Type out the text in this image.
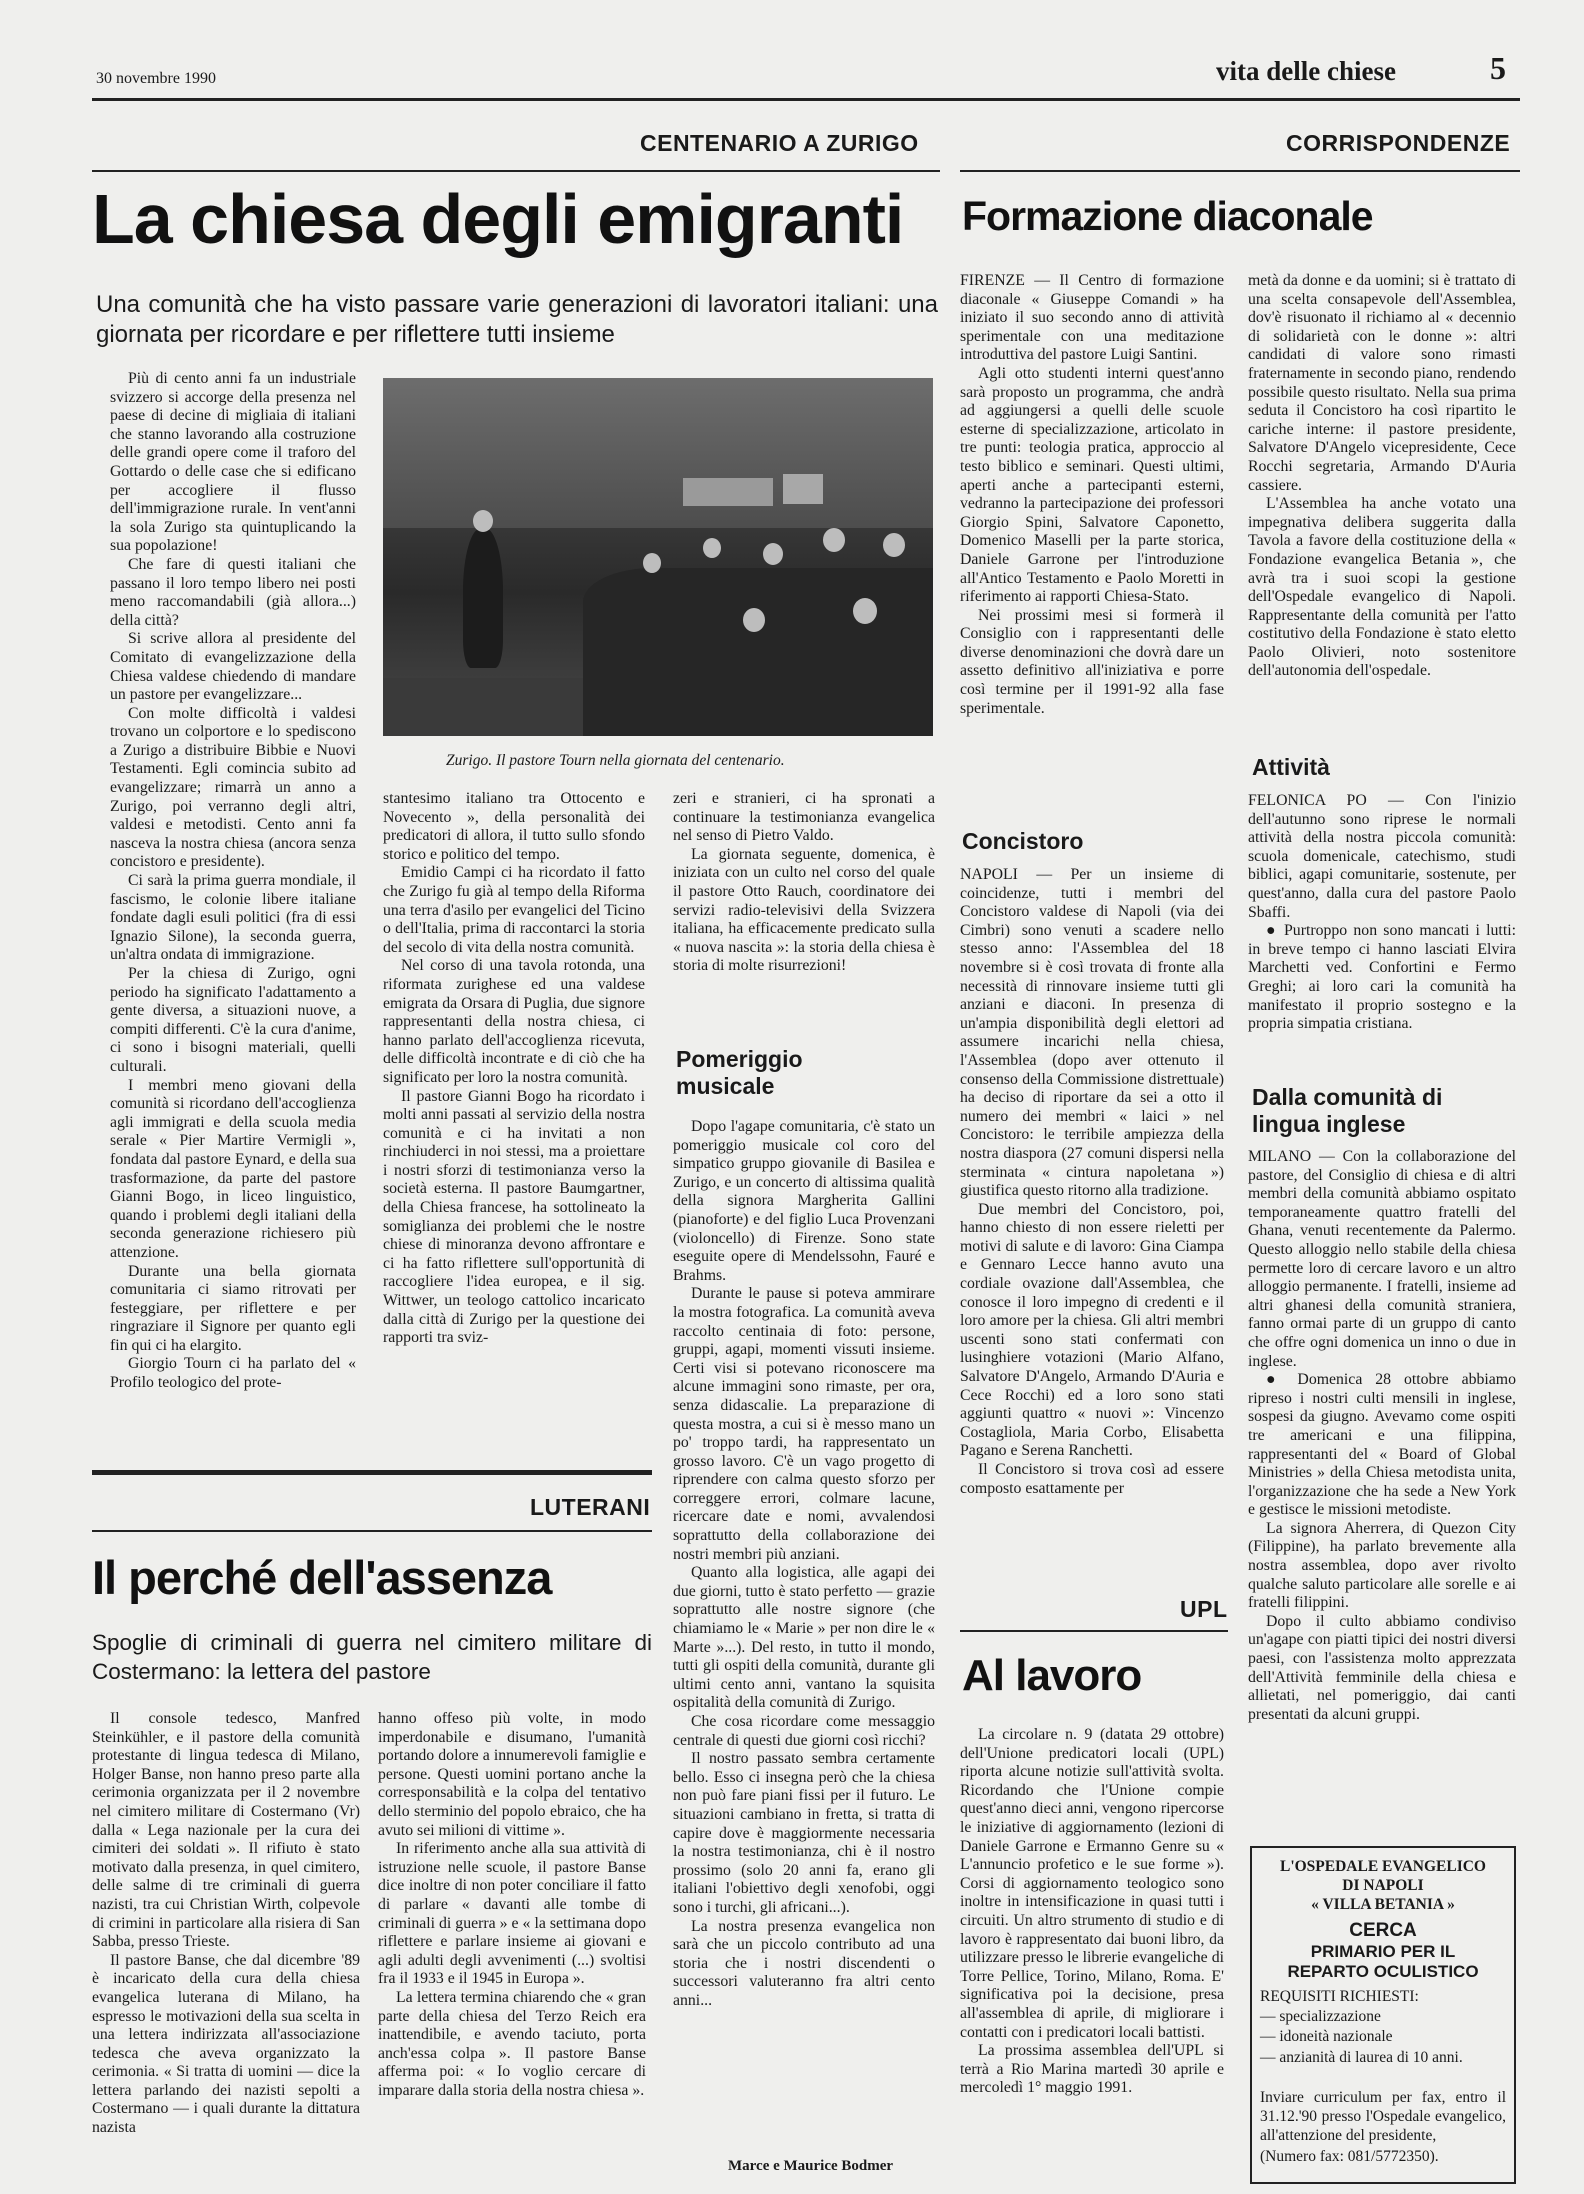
30 novembre 1990	vita delle chiese	5
CENTENARIO A ZURIGO
La chiesa degli emigranti
Una comunità che ha visto passare varie generazioni di lavoratori italiani: una giornata per ricordare e per riflettere tutti insieme

Più di cento anni fa un industriale svizzero si accorge della presenza nel paese di decine di migliaia di italiani che stanno lavorando alla costruzione delle grandi opere come il traforo del Gottardo o delle case che si edificano per accogliere il flusso dell'immigrazione rurale. In vent'anni la sola Zurigo sta quintuplicando la sua popolazione!

Che fare di questi italiani che passano il loro tempo libero nei posti meno raccomandabili (già allora...) della città?

Si scrive allora al presidente del Comitato di evangelizzazione della Chiesa valdese chiedendo di mandare un pastore per evangelizzare...

Con molte difficoltà i valdesi trovano un colportore e lo spediscono a Zurigo a distribuire Bibbie e Nuovi Testamenti. Egli comincia subito ad evangelizzare; rimarrà un anno a Zurigo, poi verranno degli altri, valdesi e metodisti. Cento anni fa nasceva la nostra chiesa (ancora senza concistoro e presidente).

Ci sarà la prima guerra mondiale, il fascismo, le colonie libere italiane fondate dagli esuli politici (fra di essi Ignazio Silone), la seconda guerra, un'altra ondata di immigrazione.

Per la chiesa di Zurigo, ogni periodo ha significato l'adattamento a gente diversa, a situazioni nuove, a compiti differenti. C'è la cura d'anime, ci sono i bisogni materiali, quelli culturali.

I membri meno giovani della comunità si ricordano dell'accoglienza agli immigrati e della scuola media serale « Pier Martire Vermigli », fondata dal pastore Eynard, e della sua trasformazione, da parte del pastore Gianni Bogo, in liceo linguistico, quando i problemi degli italiani della seconda generazione richiesero più attenzione.

Durante una bella giornata comunitaria ci siamo ritrovati per festeggiare, per riflettere e per ringraziare il Signore per quanto egli fin qui ci ha elargito.

Giorgio Tourn ci ha parlato del « Profilo teologico del prote-

Zurigo. Il pastore Tourn nella giornata del centenario.

stantesimo italiano tra Ottocento e Novecento », della personalità dei predicatori di allora, il tutto sullo sfondo storico e politico del tempo.

Emidio Campi ci ha ricordato il fatto che Zurigo fu già al tempo della Riforma una terra d'asilo per evangelici del Ticino o dell'Italia, prima di raccontarci la storia del secolo di vita della nostra comunità.

Nel corso di una tavola rotonda, una riformata zurighese ed una valdese emigrata da Orsara di Puglia, due signore rappresentanti della nostra chiesa, ci hanno parlato dell'accoglienza ricevuta, delle difficoltà incontrate e di ciò che ha significato per loro la nostra comunità.

Il pastore Gianni Bogo ha ricordato i molti anni passati al servizio della nostra comunità e ci ha invitati a non rinchiuderci in noi stessi, ma a proiettare i nostri sforzi di testimonianza verso la società esterna. Il pastore Baumgartner, della Chiesa francese, ha sottolineato la somiglianza dei problemi che le nostre chiese di minoranza devono affrontare e ci ha fatto riflettere sull'opportunità di raccogliere l'idea europea, e il sig. Wittwer, un teologo cattolico incaricato dalla città di Zurigo per la questione dei rapporti tra sviz-

zeri e stranieri, ci ha spronati a continuare la testimonianza evangelica nel senso di Pietro Valdo.

La giornata seguente, domenica, è iniziata con un culto nel corso del quale il pastore Otto Rauch, coordinatore dei servizi radio-televisivi della Svizzera italiana, ha efficacemente predicato sulla « nuova nascita »: la storia della chiesa è storia di molte risurrezioni!

Pomeriggio musicale

Dopo l'agape comunitaria, c'è stato un pomeriggio musicale col coro del simpatico gruppo giovanile di Basilea e Zurigo, e un concerto di altissima qualità della signora Margherita Gallini (pianoforte) e del figlio Luca Provenzani (violoncello) di Firenze. Sono state eseguite opere di Mendelssohn, Fauré e Brahms.

Durante le pause si poteva ammirare la mostra fotografica. La comunità aveva raccolto centinaia di foto: persone, gruppi, agapi, momenti vissuti insieme. Certi visi si potevano riconoscere ma alcune immagini sono rimaste, per ora, senza didascalie. La preparazione di questa mostra, a cui si è messo mano un po' troppo tardi, ha rappresentato un grosso lavoro. C'è un vago progetto di riprendere con calma questo sforzo per correggere errori, colmare lacune, ricercare date e nomi, avvalendosi soprattutto della collaborazione dei nostri membri più anziani.

Quanto alla logistica, alle agapi dei due giorni, tutto è stato perfetto — grazie soprattutto alle nostre signore (che chiamiamo le « Marie » per non dire le « Marte »...). Del resto, in tutto il mondo, tutti gli ospiti della comunità, durante gli ultimi cento anni, vantano la squisita ospitalità della comunità di Zurigo.

Che cosa ricordare come messaggio centrale di questi due giorni così ricchi?

Il nostro passato sembra certamente bello. Esso ci insegna però che la chiesa non può fare piani fissi per il futuro. Le situazioni cambiano in fretta, si tratta di capire dove è maggiormente necessaria la nostra testimonianza, chi è il nostro prossimo (solo 20 anni fa, erano gli italiani l'obiettivo degli xenofobi, oggi sono i turchi, gli africani...).

La nostra presenza evangelica non sarà che un piccolo contributo ad una storia che i nostri discendenti o successori valuteranno fra altri cento anni...

Marce e Maurice Bodmer
LUTERANI
Il perché dell'assenza
Spoglie di criminali di guerra nel cimitero militare di Costermano: la lettera del pastore

Il console tedesco, Manfred Steinkühler, e il pastore della comunità protestante di lingua tedesca di Milano, Holger Banse, non hanno preso parte alla cerimonia organizzata per il 2 novembre nel cimitero militare di Costermano (Vr) dalla « Lega nazionale per la cura dei cimiteri dei soldati ». Il rifiuto è stato motivato dalla presenza, in quel cimitero, delle salme di tre criminali di guerra nazisti, tra cui Christian Wirth, colpevole di crimini in particolare alla risiera di San Sabba, presso Trieste.

Il pastore Banse, che dal dicembre '89 è incaricato della cura della chiesa evangelica luterana di Milano, ha espresso le motivazioni della sua scelta in una lettera indirizzata all'associazione tedesca che aveva organizzato la cerimonia. « Si tratta di uomini — dice la lettera parlando dei nazisti sepolti a Costermano — i quali durante la dittatura nazista

hanno offeso più volte, in modo imperdonabile e disumano, l'umanità portando dolore a innumerevoli famiglie e persone. Questi uomini portano anche la corresponsabilità e la colpa del tentativo dello sterminio del popolo ebraico, che ha avuto sei milioni di vittime ».

In riferimento anche alla sua attività di istruzione nelle scuole, il pastore Banse dice inoltre di non poter conciliare il fatto di parlare « davanti alle tombe di criminali di guerra » e « la settimana dopo riflettere e parlare insieme ai giovani e agli adulti degli avvenimenti (...) svoltisi fra il 1933 e il 1945 in Europa ».

La lettera termina chiarendo che « gran parte della chiesa del Terzo Reich era inattendibile, e avendo taciuto, porta anch'essa colpa ». Il pastore Banse afferma poi: « Io voglio cercare di imparare dalla storia della nostra chiesa ».

CORRISPONDENZE
Formazione diaconale

FIRENZE — Il Centro di formazione diaconale « Giuseppe Comandi » ha iniziato il suo secondo anno di attività sperimentale con una meditazione introduttiva del pastore Luigi Santini.

Agli otto studenti interni quest'anno sarà proposto un programma, che andrà ad aggiungersi a quelli delle scuole esterne di specializzazione, articolato in tre punti: teologia pratica, approccio al testo biblico e seminari. Questi ultimi, aperti anche a partecipanti esterni, vedranno la partecipazione dei professori Giorgio Spini, Salvatore Caponetto, Domenico Maselli per la parte storica, Daniele Garrone per l'introduzione all'Antico Testamento e Paolo Moretti in riferimento ai rapporti Chiesa-Stato.

Nei prossimi mesi si formerà il Consiglio con i rappresentanti delle diverse denominazioni che dovrà dare un assetto definitivo all'iniziativa e porre così termine per il 1991-92 alla fase sperimentale.

Concistoro

NAPOLI — Per un insieme di coincidenze, tutti i membri del Concistoro valdese di Napoli (via dei Cimbri) sono venuti a scadere nello stesso anno: l'Assemblea del 18 novembre si è così trovata di fronte alla necessità di rinnovare insieme tutti gli anziani e diaconi. In presenza di un'ampia disponibilità degli elettori ad assumere incarichi nella chiesa, l'Assemblea (dopo aver ottenuto il consenso della Commissione distrettuale) ha deciso di riportare da sei a otto il numero dei membri « laici » nel Concistoro: le terribile ampiezza della nostra diaspora (27 comuni dispersi nella sterminata « cintura napoletana ») giustifica questo ritorno alla tradizione.

Due membri del Concistoro, poi, hanno chiesto di non essere rieletti per motivi di salute e di lavoro: Gina Ciampa e Gennaro Lecce hanno avuto una cordiale ovazione dall'Assemblea, che conosce il loro impegno di credenti e il loro amore per la chiesa. Gli altri membri uscenti sono stati confermati con lusinghiere votazioni (Mario Alfano, Salvatore D'Angelo, Armando D'Auria e Cece Rocchi) ed a loro sono stati aggiunti quattro « nuovi »: Vincenzo Costagliola, Maria Corbo, Elisabetta Pagano e Serena Ranchetti.

Il Concistoro si trova così ad essere composto esattamente per

metà da donne e da uomini; si è trattato di una scelta consapevole dell'Assemblea, dov'è risuonato il richiamo al « decennio di solidarietà con le donne »: altri candidati di valore sono rimasti fraternamente in secondo piano, rendendo possibile questo risultato. Nella sua prima seduta il Concistoro ha così ripartito le cariche interne: il pastore presidente, Salvatore D'Angelo vicepresidente, Cece Rocchi segretaria, Armando D'Auria cassiere.

L'Assemblea ha anche votato una impegnativa delibera suggerita dalla Tavola a favore della costituzione della « Fondazione evangelica Betania », che avrà tra i suoi scopi la gestione dell'Ospedale evangelico di Napoli. Rappresentante della comunità per l'atto costitutivo della Fondazione è stato eletto Paolo Olivieri, noto sostenitore dell'autonomia dell'ospedale.

Attività

FELONICA PO — Con l'inizio dell'autunno sono riprese le normali attività della nostra piccola comunità: scuola domenicale, catechismo, studi biblici, agapi comunitarie, sostenute, per quest'anno, dalla cura del pastore Paolo Sbaffi.

● Purtroppo non sono mancati i lutti: in breve tempo ci hanno lasciati Elvira Marchetti ved. Confortini e Fermo Greghi; ai loro cari la comunità ha manifestato il proprio sostegno e la propria simpatia cristiana.

Dalla comunità di lingua inglese

MILANO — Con la collaborazione del pastore, del Consiglio di chiesa e di altri membri della comunità abbiamo ospitato temporaneamente quattro fratelli del Ghana, venuti recentemente da Palermo. Questo alloggio nello stabile della chiesa permette loro di cercare lavoro e un altro alloggio permanente. I fratelli, insieme ad altri ghanesi della comunità straniera, fanno ormai parte di un gruppo di canto che offre ogni domenica un inno o due in inglese.

● Domenica 28 ottobre abbiamo ripreso i nostri culti mensili in inglese, sospesi da giugno. Avevamo come ospiti tre americani e una filippina, rappresentanti del « Board of Global Ministries » della Chiesa metodista unita, l'organizzazione che ha sede a New York e gestisce le missioni metodiste.

La signora Aherrera, di Quezon City (Filippine), ha parlato brevemente alla nostra assemblea, dopo aver rivolto qualche saluto particolare alle sorelle e ai fratelli filippini.

Dopo il culto abbiamo condiviso un'agape con piatti tipici dei nostri diversi paesi, con l'assistenza molto apprezzata dell'Attività femminile della chiesa e allietati, nel pomeriggio, dai canti presentati da alcuni gruppi.

UPL
Al lavoro

La circolare n. 9 (datata 29 ottobre) dell'Unione predicatori locali (UPL) riporta alcune notizie sull'attività svolta. Ricordando che l'Unione compie quest'anno dieci anni, vengono ripercorse le iniziative di aggiornamento (lezioni di Daniele Garrone e Ermanno Genre su « L'annuncio profetico e le sue forme »). Corsi di aggiornamento teologico sono inoltre in intensificazione in quasi tutti i circuiti. Un altro strumento di studio e di lavoro è rappresentato dai buoni libro, da utilizzare presso le librerie evangeliche di Torre Pellice, Torino, Milano, Roma. E' significativa poi la decisione, presa all'assemblea di aprile, di migliorare i contatti con i predicatori locali battisti.

La prossima assemblea dell'UPL si terrà a Rio Marina martedì 30 aprile e mercoledì 1° maggio 1991.

L'OSPEDALE EVANGELICO
DI NAPOLI
« VILLA BETANIA »
CERCA
PRIMARIO PER IL
REPARTO OCULISTICO
REQUISITI RICHIESTI:
— specializzazione
— idoneità nazionale
— anzianità di laurea di 10 anni.
Inviare curriculum per fax, entro il 31.12.'90 presso l'Ospedale evangelico, all'attenzione del presidente,
(Numero fax: 081/5772350).
